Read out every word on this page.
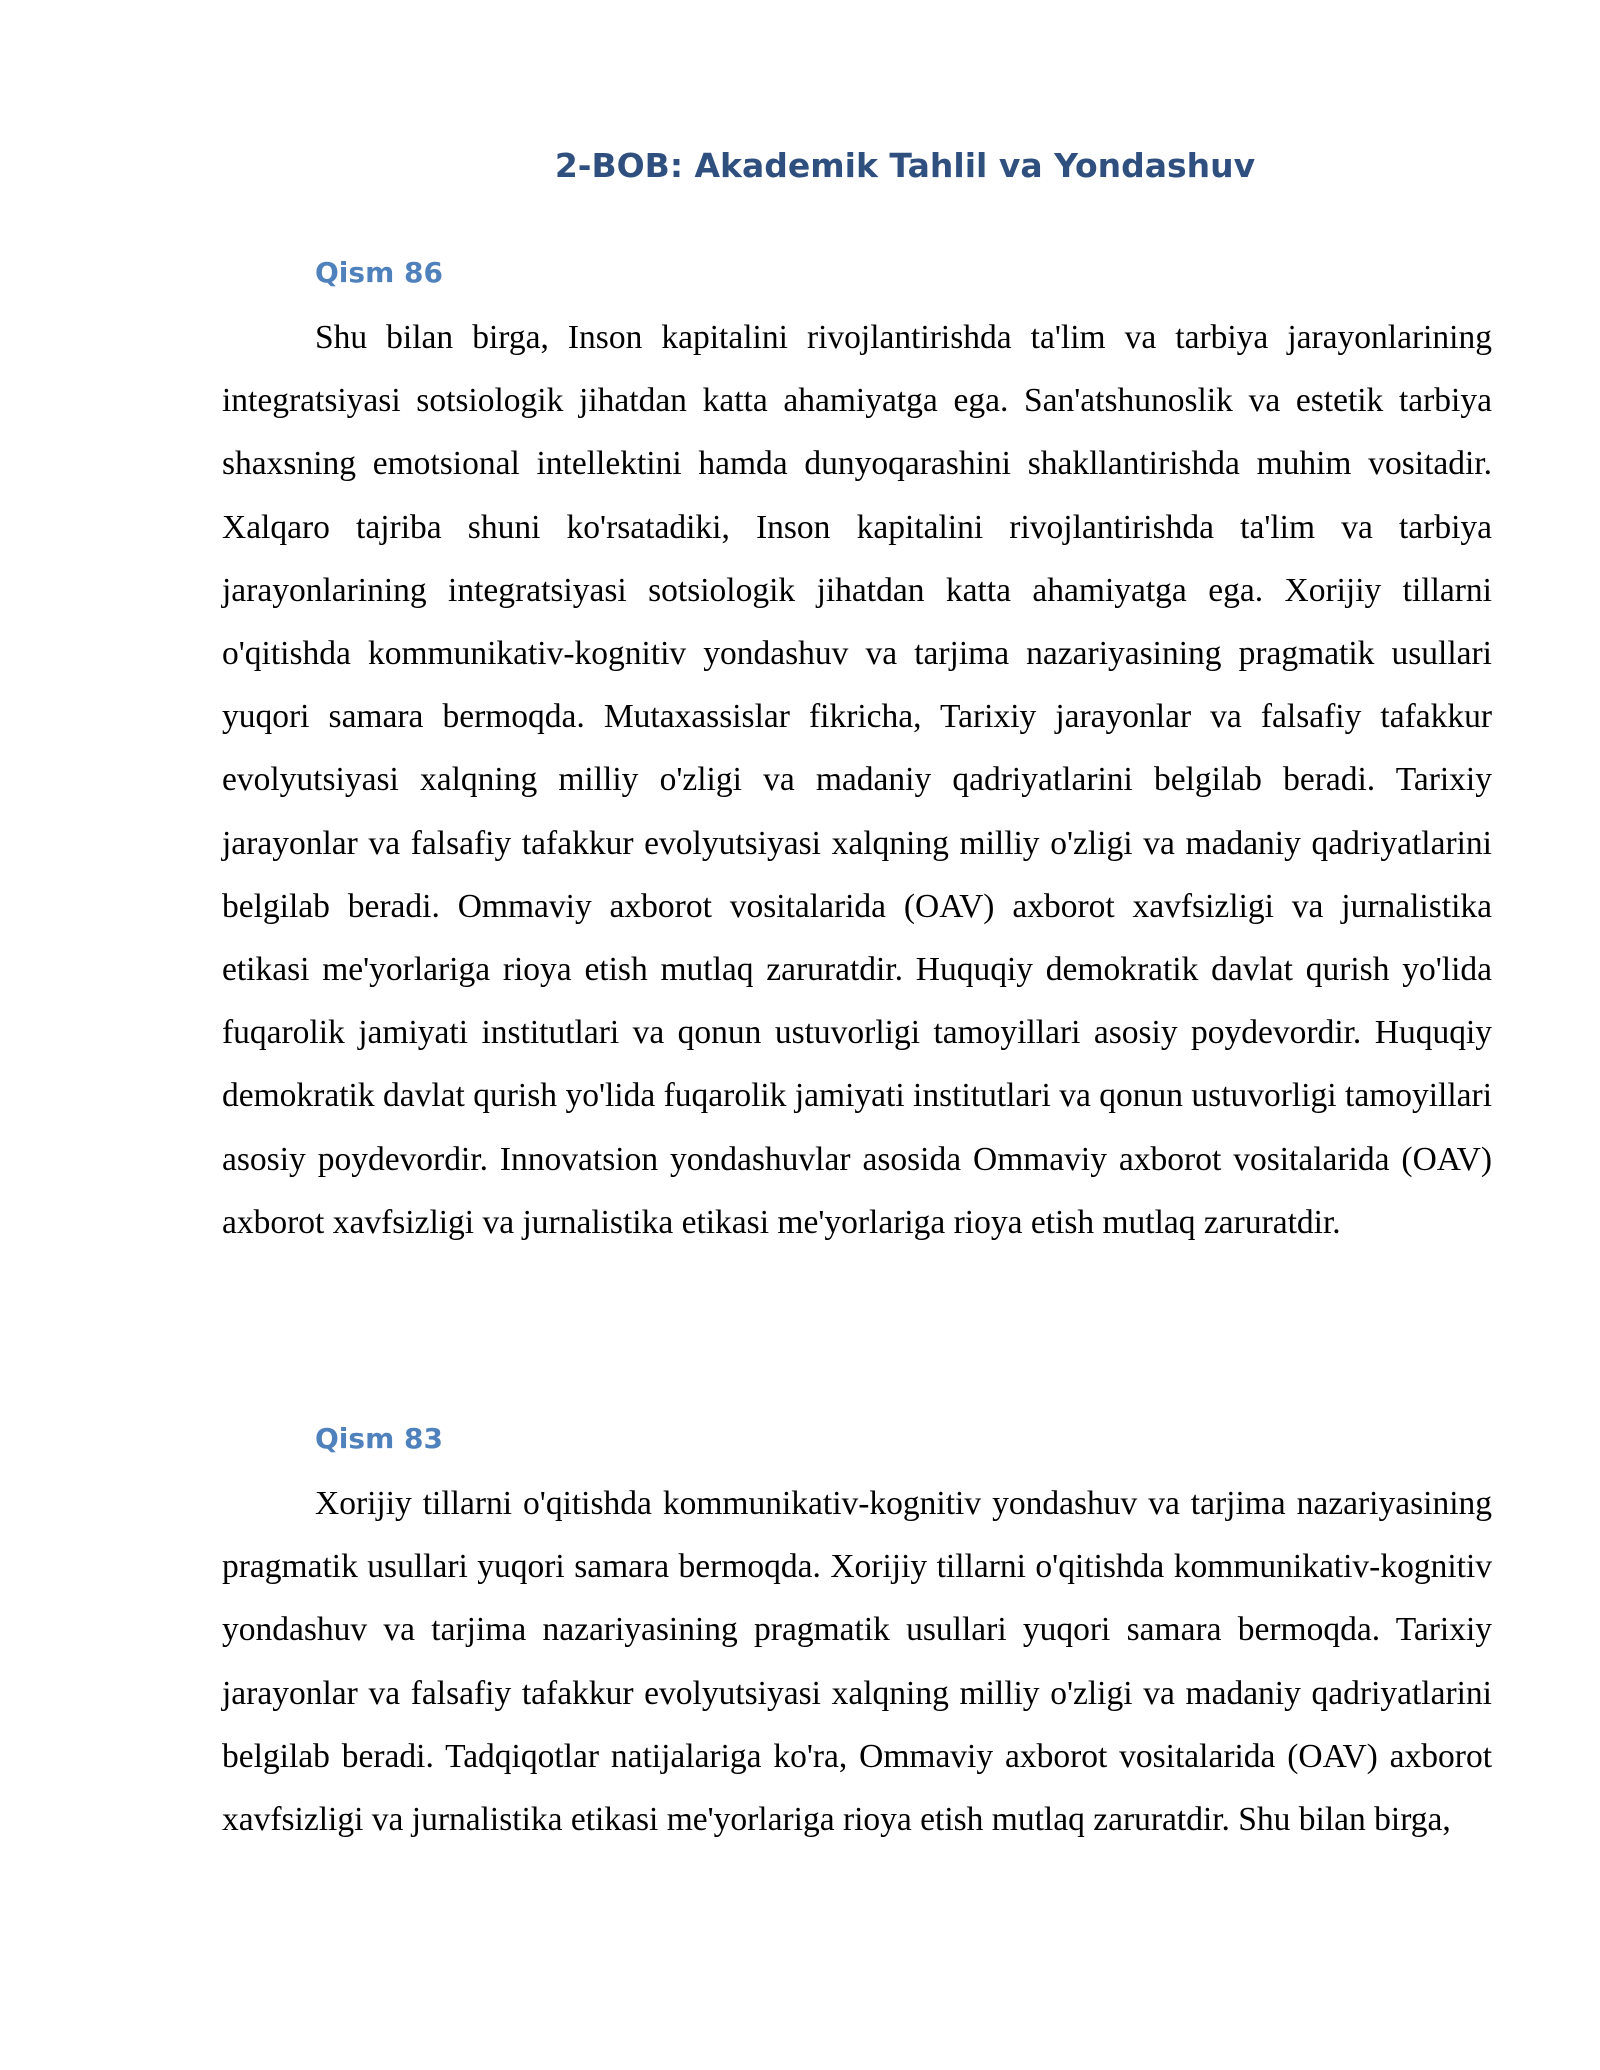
2-BOB: Akademik Tahlil va Yondashuv
Qism 86

Shu bilan birga, Inson kapitalini rivojlantirishda ta'lim va tarbiya jarayonlarining integratsiyasi sotsiologik jihatdan katta ahamiyatga ega. San'atshunoslik va estetik tarbiya shaxsning emotsional intellektini hamda dunyoqarashini shakllantirishda muhim vositadir. Xalqaro tajriba shuni ko'rsatadiki, Inson kapitalini rivojlantirishda ta'lim va tarbiya jarayonlarining integratsiyasi sotsiologik jihatdan katta ahamiyatga ega. Xorijiy tillarni o'qitishda kommunikativ-kognitiv yondashuv va tarjima nazariyasining pragmatik usullari yuqori samara bermoqda. Mutaxassislar fikricha, Tarixiy jarayonlar va falsafiy tafakkur evolyutsiyasi xalqning milliy o'zligi va madaniy qadriyatlarini belgilab beradi. Tarixiy jarayonlar va falsafiy tafakkur evolyutsiyasi xalqning milliy o'zligi va madaniy qadriyatlarini belgilab beradi. Ommaviy axborot vositalarida (OAV) axborot xavfsizligi va jurnalistika etikasi me'yorlariga rioya etish mutlaq zaruratdir. Huquqiy demokratik davlat qurish yo'lida fuqarolik jamiyati institutlari va qonun ustuvorligi tamoyillari asosiy poydevordir. Huquqiy demokratik davlat qurish yo'lida fuqarolik jamiyati institutlari va qonun ustuvorligi tamoyillari asosiy poydevordir. Innovatsion yondashuvlar asosida Ommaviy axborot vositalarida (OAV) axborot xavfsizligi va jurnalistika etikasi me'yorlariga rioya etish mutlaq zaruratdir.

Qism 83

Xorijiy tillarni o'qitishda kommunikativ-kognitiv yondashuv va tarjima nazariyasining pragmatik usullari yuqori samara bermoqda. Xorijiy tillarni o'qitishda kommunikativ-kognitiv yondashuv va tarjima nazariyasining pragmatik usullari yuqori samara bermoqda. Tarixiy jarayonlar va falsafiy tafakkur evolyutsiyasi xalqning milliy o'zligi va madaniy qadriyatlarini belgilab beradi. Tadqiqotlar natijalariga ko'ra, Ommaviy axborot vositalarida (OAV) axborot xavfsizligi va jurnalistika etikasi me'yorlariga rioya etish mutlaq zaruratdir. Shu bilan birga,
